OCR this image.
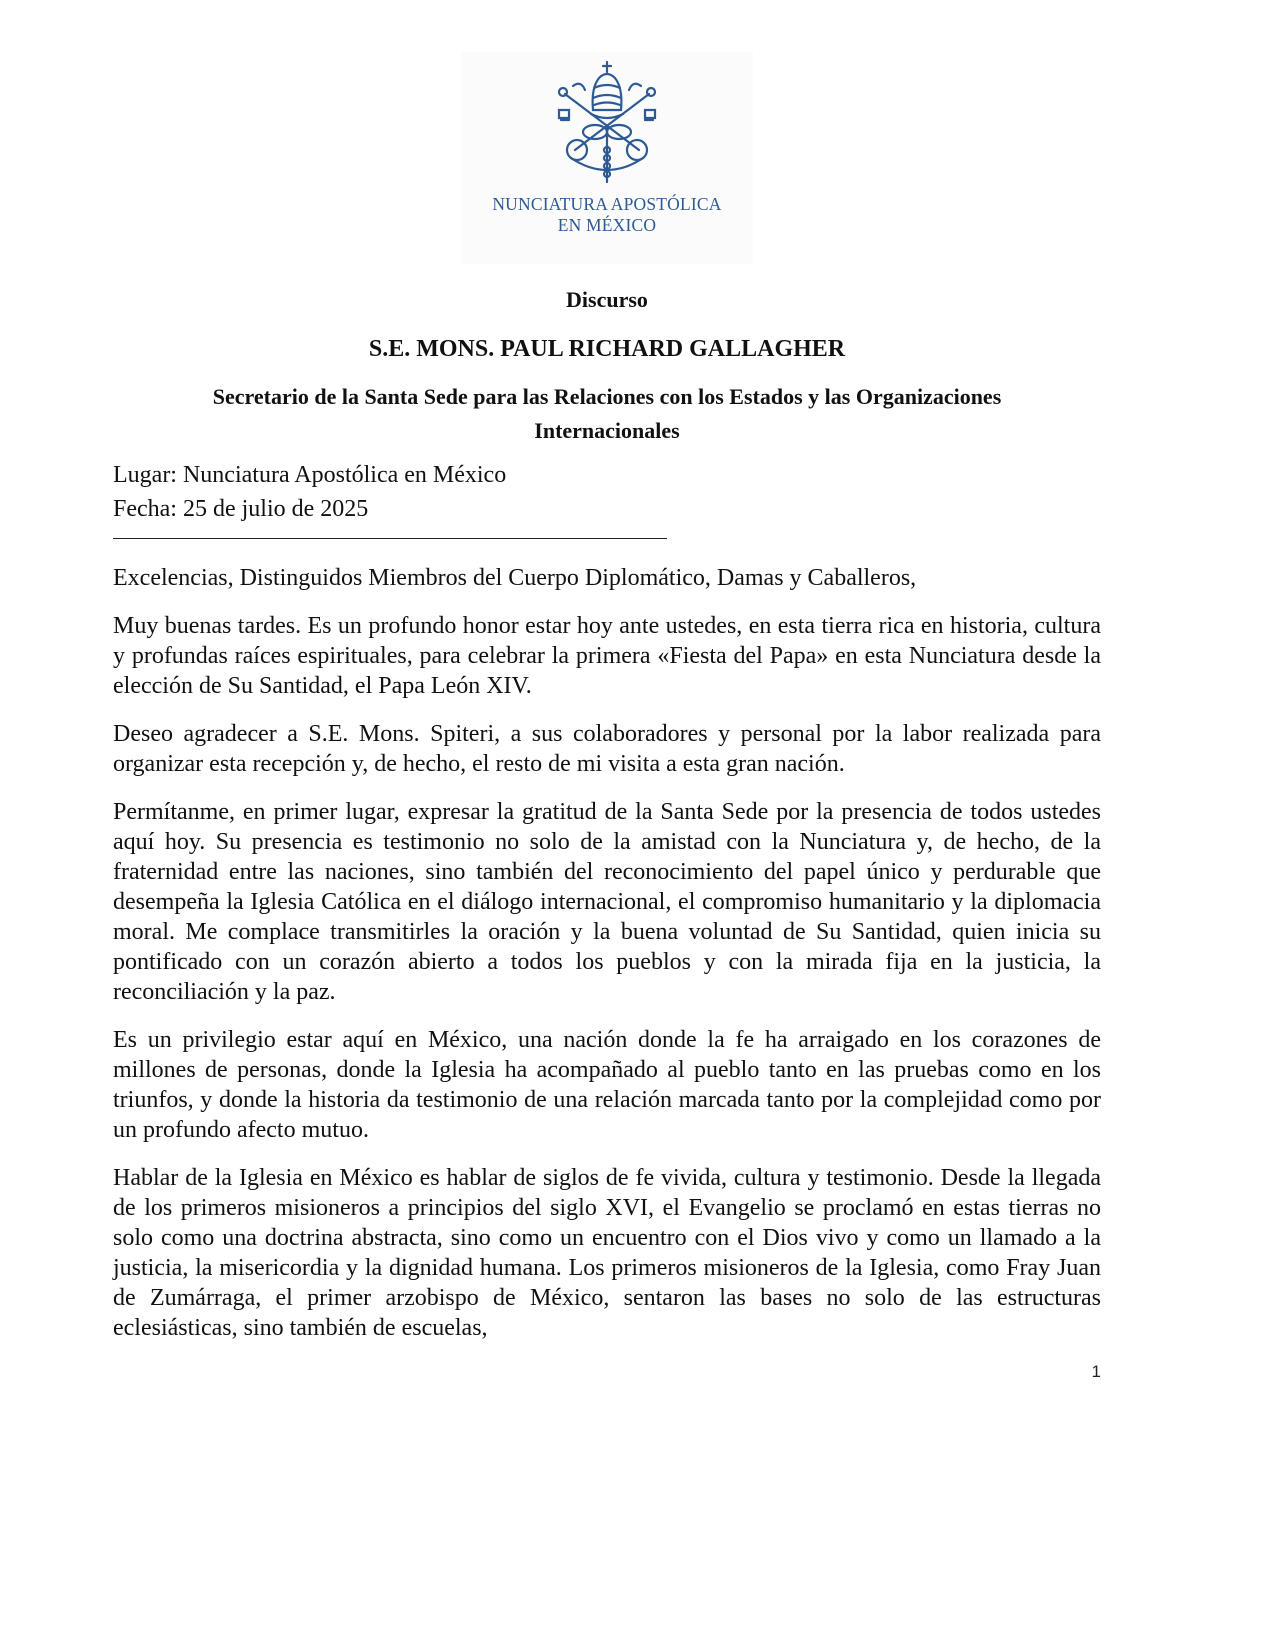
NUNCIATURA APOSTÓLICA
EN MÉXICO
Discurso
S.E. MONS. PAUL RICHARD GALLAGHER
Secretario de la Santa Sede para las Relaciones con los Estados y las Organizaciones Internacionales
Lugar: Nunciatura Apostólica en México
Fecha: 25 de julio de 2025
Excelencias, Distinguidos Miembros del Cuerpo Diplomático, Damas y Caballeros,
Muy buenas tardes. Es un profundo honor estar hoy ante ustedes, en esta tierra rica en historia, cultura y profundas raíces espirituales, para celebrar la primera «Fiesta del Papa» en esta Nunciatura desde la elección de Su Santidad, el Papa León XIV.
Deseo agradecer a S.E. Mons. Spiteri, a sus colaboradores y personal por la labor realizada para organizar esta recepción y, de hecho, el resto de mi visita a esta gran nación.
Permítanme, en primer lugar, expresar la gratitud de la Santa Sede por la presencia de todos ustedes aquí hoy. Su presencia es testimonio no solo de la amistad con la Nunciatura y, de hecho, de la fraternidad entre las naciones, sino también del reconocimiento del papel único y perdurable que desempeña la Iglesia Católica en el diálogo internacional, el compromiso humanitario y la diplomacia moral. Me complace transmitirles la oración y la buena voluntad de Su Santidad, quien inicia su pontificado con un corazón abierto a todos los pueblos y con la mirada fija en la justicia, la reconciliación y la paz.
Es un privilegio estar aquí en México, una nación donde la fe ha arraigado en los corazones de millones de personas, donde la Iglesia ha acompañado al pueblo tanto en las pruebas como en los triunfos, y donde la historia da testimonio de una relación marcada tanto por la complejidad como por un profundo afecto mutuo.
Hablar de la Iglesia en México es hablar de siglos de fe vivida, cultura y testimonio. Desde la llegada de los primeros misioneros a principios del siglo XVI, el Evangelio se proclamó en estas tierras no solo como una doctrina abstracta, sino como un encuentro con el Dios vivo y como un llamado a la justicia, la misericordia y la dignidad humana. Los primeros misioneros de la Iglesia, como Fray Juan de Zumárraga, el primer arzobispo de México, sentaron las bases no solo de las estructuras eclesiásticas, sino también de escuelas,
1
